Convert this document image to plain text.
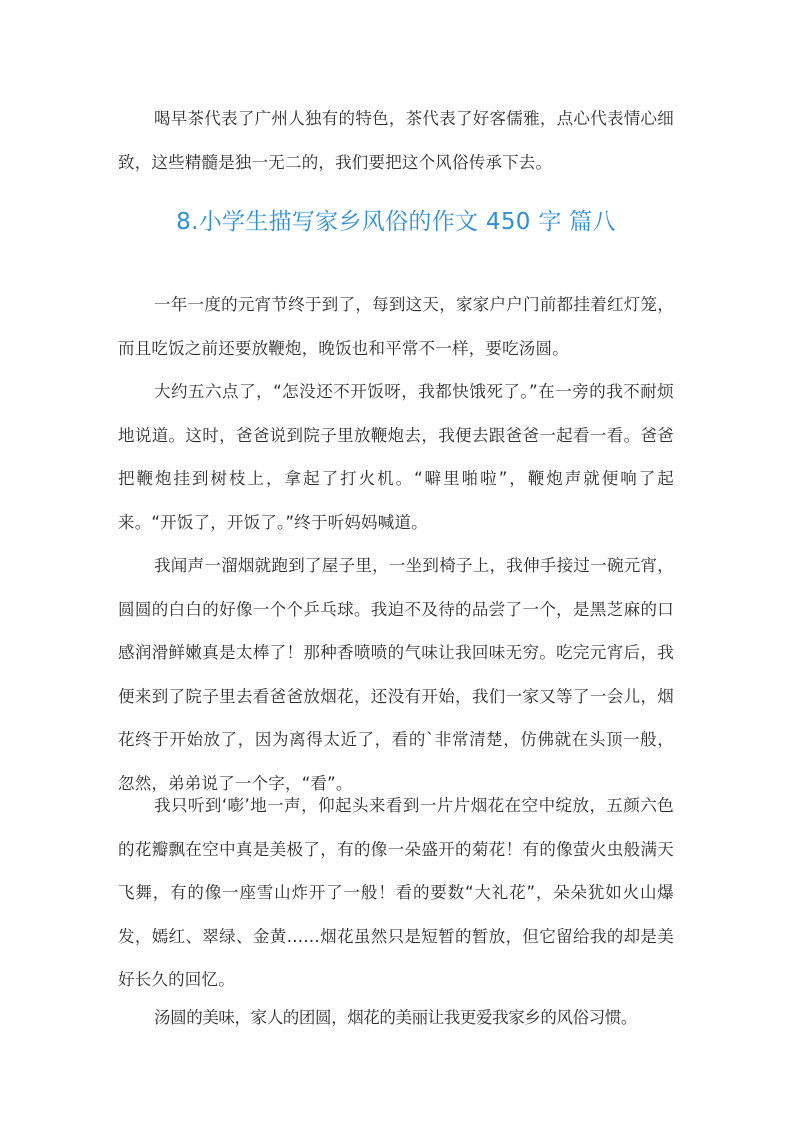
喝早茶代表了广州人独有的特色，茶代表了好客儒雅，点心代表情心细致，这些精髓是独一无二的，我们要把这个风俗传承下去。

8.小学生描写家乡风俗的作文 450 字 篇八

一年一度的元宵节终于到了，每到这天，家家户户门前都挂着红灯笼，而且吃饭之前还要放鞭炮，晚饭也和平常不一样，要吃汤圆。

大约五六点了，“怎没还不开饭呀，我都快饿死了。”在一旁的我不耐烦地说道。这时，爸爸说到院子里放鞭炮去，我便去跟爸爸一起看一看。爸爸把鞭炮挂到树枝上，拿起了打火机。“噼里啪啦”，鞭炮声就便响了起来。“开饭了，开饭了。”终于听妈妈喊道。

我闻声一溜烟就跑到了屋子里，一坐到椅子上，我伸手接过一碗元宵，圆圆的白白的好像一个个乒乓球。我迫不及待的品尝了一个，是黑芝麻的口感润滑鲜嫩真是太棒了！那种香喷喷的气味让我回味无穷。吃完元宵后，我便来到了院子里去看爸爸放烟花，还没有开始，我们一家又等了一会儿，烟花终于开始放了，因为离得太近了，看的`非常清楚，仿佛就在头顶一般，忽然，弟弟说了一个字，“看”。

我只听到‘嘭’地一声，仰起头来看到一片片烟花在空中绽放，五颜六色的花瓣飘在空中真是美极了，有的像一朵盛开的菊花！有的像萤火虫般满天飞舞，有的像一座雪山炸开了一般！看的要数“大礼花”，朵朵犹如火山爆发，嫣红、翠绿、金黄……烟花虽然只是短暂的暂放，但它留给我的却是美好长久的回忆。

汤圆的美味，家人的团圆，烟花的美丽让我更爱我家乡的风俗习惯。
